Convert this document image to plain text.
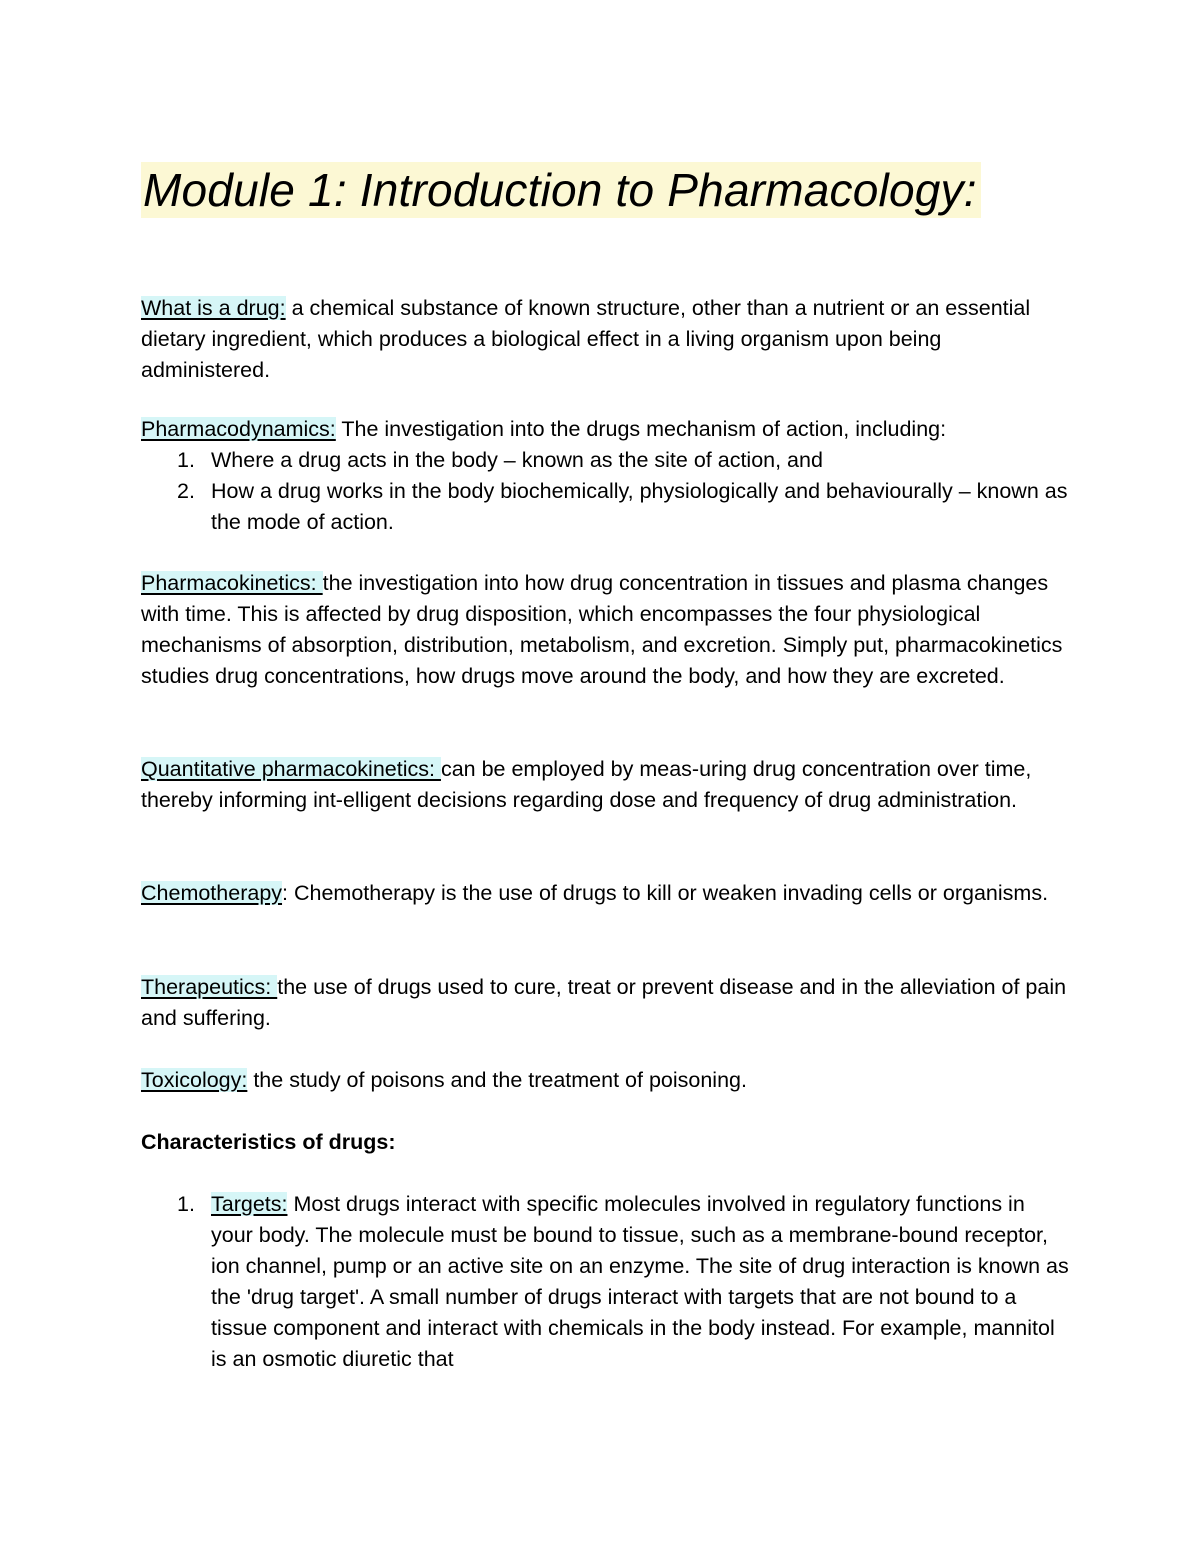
Module 1: Introduction to Pharmacology:

What is a drug: a chemical substance of known structure, other than a nutrient or an essential dietary ingredient, which produces a biological effect in a living organism upon being administered.

Pharmacodynamics: The investigation into the drugs mechanism of action, including:

1. Where a drug acts in the body – known as the site of action, and
2. How a drug works in the body biochemically, physiologically and behaviourally – known as the mode of action.

Pharmacokinetics: the investigation into how drug concentration in tissues and plasma changes with time. This is affected by drug disposition, which encompasses the four physiological mechanisms of absorption, distribution, metabolism, and excretion. Simply put, pharmacokinetics studies drug concentrations, how drugs move around the body, and how they are excreted.

Quantitative pharmacokinetics: can be employed by meas-uring drug concentration over time, thereby informing int-elligent decisions regarding dose and frequency of drug administration.

Chemotherapy: Chemotherapy is the use of drugs to kill or weaken invading cells or organisms.

Therapeutics: the use of drugs used to cure, treat or prevent disease and in the alleviation of pain and suffering.

Toxicology: the study of poisons and the treatment of poisoning.

Characteristics of drugs:
1. Targets: Most drugs interact with specific molecules involved in regulatory functions in your body. The molecule must be bound to tissue, such as a membrane-bound receptor, ion channel, pump or an active site on an enzyme. The site of drug interaction is known as the 'drug target'. A small number of drugs interact with targets that are not bound to a tissue component and interact with chemicals in the body instead. For example, mannitol is an osmotic diuretic that
